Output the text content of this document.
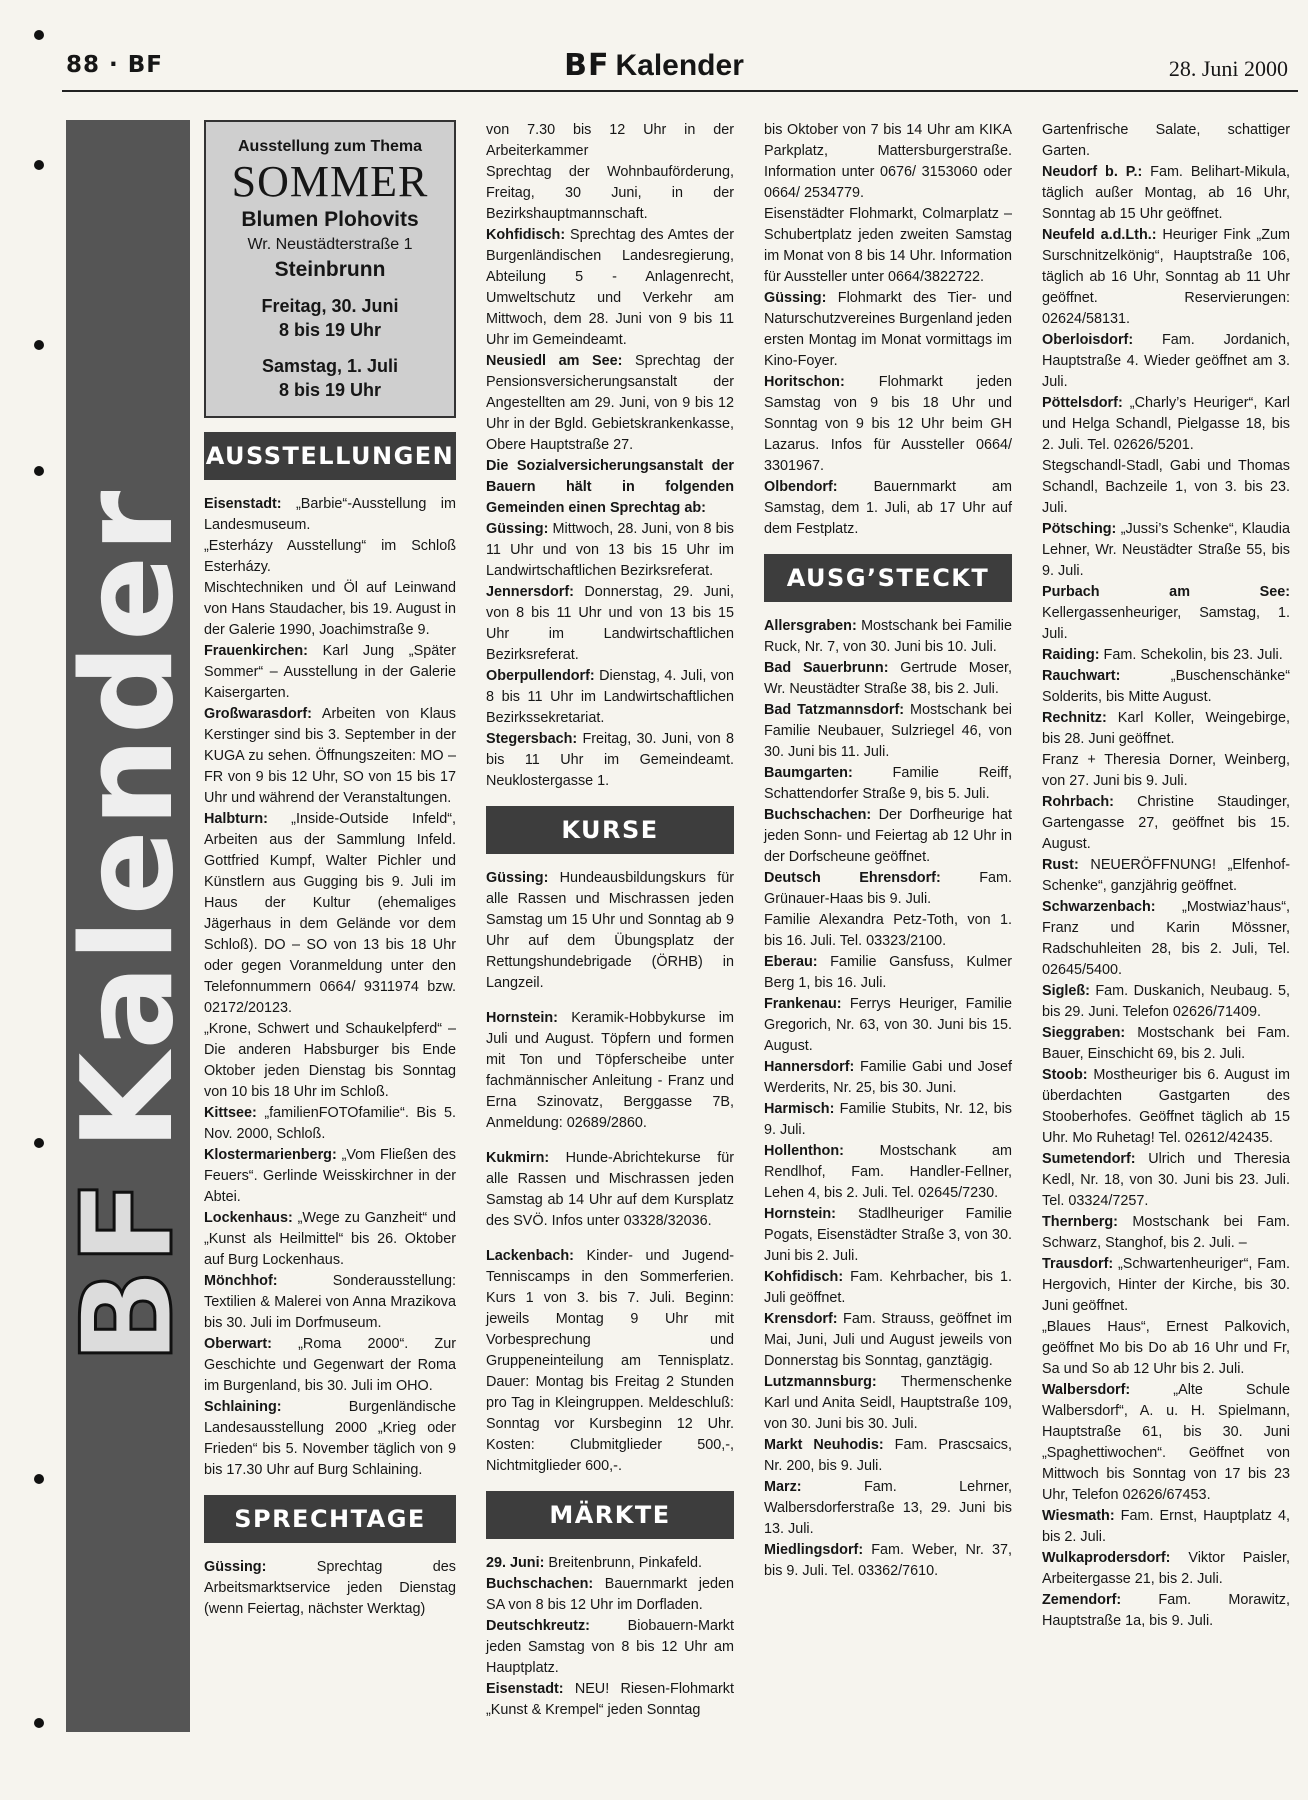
88 · BF	BF Kalender	28. Juni 2000
BFKalender
Ausstellung zum Thema
SOMMER
Blumen Plohovits
Wr. Neustädterstraße 1
Steinbrunn
Freitag, 30. Juni
8 bis 19 Uhr
Samstag, 1. Juli
8 bis 19 Uhr
AUSSTELLUNGEN

Eisenstadt: „Barbie“-Ausstellung im Landesmuseum.

„Esterházy Ausstellung“ im Schloß Esterházy.

Mischtechniken und Öl auf Leinwand von Hans Staudacher, bis 19. August in der Galerie 1990, Joachimstraße 9.

Frauenkirchen: Karl Jung „Später Sommer“ – Ausstellung in der Galerie Kaisergarten.

Großwarasdorf: Arbeiten von Klaus Kerstinger sind bis 3. September in der KUGA zu sehen. Öffnungszeiten: MO – FR von 9 bis 12 Uhr, SO von 15 bis 17 Uhr und während der Veranstaltungen.

Halbturn: „Inside-Outside Infeld“, Arbeiten aus der Sammlung Infeld. Gottfried Kumpf, Walter Pichler und Künstlern aus Gugging bis 9. Juli im Haus der Kultur (ehemaliges Jägerhaus in dem Gelände vor dem Schloß). DO – SO von 13 bis 18 Uhr oder gegen Voranmeldung unter den Telefonnummern 0664/ 9311974 bzw. 02172/20123.

„Krone, Schwert und Schaukelpferd“ – Die anderen Habsburger bis Ende Oktober jeden Dienstag bis Sonntag von 10 bis 18 Uhr im Schloß.

Kittsee: „familienFOTOfamilie“. Bis 5. Nov. 2000, Schloß.

Klostermarienberg: „Vom Fließen des Feuers“. Gerlinde Weisskirchner in der Abtei.

Lockenhaus: „Wege zu Ganzheit“ und „Kunst als Heilmittel“ bis 26. Oktober auf Burg Lockenhaus.

Mönchhof: Sonderausstellung: Textilien & Malerei von Anna Mrazikova bis 30. Juli im Dorfmuseum.

Oberwart: „Roma 2000“. Zur Geschichte und Gegenwart der Roma im Burgenland, bis 30. Juli im OHO.

Schlaining: Burgenländische Landesausstellung 2000 „Krieg oder Frieden“ bis 5. November täglich von 9 bis 17.30 Uhr auf Burg Schlaining.

SPRECHTAGE

Güssing: Sprechtag des Arbeitsmarktservice jeden Dienstag (wenn Feiertag, nächster Werktag)

von 7.30 bis 12 Uhr in der Arbeiterkammer

Sprechtag der Wohnbauförderung, Freitag, 30 Juni, in der Bezirkshauptmannschaft.

Kohfidisch: Sprechtag des Amtes der Burgenländischen Landesregierung, Abteilung 5 - Anlagenrecht, Umweltschutz und Verkehr am Mittwoch, dem 28. Juni von 9 bis 11 Uhr im Gemeindeamt.

Neusiedl am See: Sprechtag der Pensionsversicherungsanstalt der Angestellten am 29. Juni, von 9 bis 12 Uhr in der Bgld. Gebietskrankenkasse, Obere Hauptstraße 27.

Die Sozialversicherungsanstalt der Bauern hält in folgenden Gemeinden einen Sprechtag ab:

Güssing: Mittwoch, 28. Juni, von 8 bis 11 Uhr und von 13 bis 15 Uhr im Landwirtschaftlichen Bezirksreferat.

Jennersdorf: Donnerstag, 29. Juni, von 8 bis 11 Uhr und von 13 bis 15 Uhr im Landwirtschaftlichen Bezirksreferat.

Oberpullendorf: Dienstag, 4. Juli, von 8 bis 11 Uhr im Landwirtschaftlichen Bezirkssekretariat.

Stegersbach: Freitag, 30. Juni, von 8 bis 11 Uhr im Gemeindeamt. Neuklostergasse 1.

KURSE

Güssing: Hundeausbildungskurs für alle Rassen und Mischrassen jeden Samstag um 15 Uhr und Sonntag ab 9 Uhr auf dem Übungsplatz der Rettungshundebrigade (ÖRHB) in Langzeil.

Hornstein: Keramik-Hobbykurse im Juli und August. Töpfern und formen mit Ton und Töpferscheibe unter fachmännischer Anleitung - Franz und Erna Szinovatz, Berggasse 7B, Anmeldung: 02689/2860.

Kukmirn: Hunde-Abrichtekurse für alle Rassen und Mischrassen jeden Samstag ab 14 Uhr auf dem Kursplatz des SVÖ. Infos unter 03328/32036.

Lackenbach: Kinder- und Jugend-Tenniscamps in den Sommerferien. Kurs 1 von 3. bis 7. Juli. Beginn: jeweils Montag 9 Uhr mit Vorbesprechung und Gruppeneinteilung am Tennisplatz. Dauer: Montag bis Freitag 2 Stunden pro Tag in Kleingruppen. Meldeschluß: Sonntag vor Kursbeginn 12 Uhr. Kosten: Clubmitglieder 500,-, Nichtmitglieder 600,-.

MÄRKTE

29. Juni: Breitenbrunn, Pinkafeld.

Buchschachen: Bauernmarkt jeden SA von 8 bis 12 Uhr im Dorfladen.

Deutschkreutz: Biobauern-Markt jeden Samstag von 8 bis 12 Uhr am Hauptplatz.

Eisenstadt: NEU! Riesen-Flohmarkt „Kunst & Krempel“ jeden Sonntag

bis Oktober von 7 bis 14 Uhr am KIKA Parkplatz, Mattersburgerstraße. Information unter 0676/ 3153060 oder 0664/ 2534779.

Eisenstädter Flohmarkt, Colmarplatz – Schubertplatz jeden zweiten Samstag im Monat von 8 bis 14 Uhr. Information für Aussteller unter 0664/3822722.

Güssing: Flohmarkt des Tier- und Naturschutzvereines Burgenland jeden ersten Montag im Monat vormittags im Kino-Foyer.

Horitschon: Flohmarkt jeden Samstag von 9 bis 18 Uhr und Sonntag von 9 bis 12 Uhr beim GH Lazarus. Infos für Aussteller 0664/ 3301967.

Olbendorf: Bauernmarkt am Samstag, dem 1. Juli, ab 17 Uhr auf dem Festplatz.

AUSG’STECKT

Allersgraben: Mostschank bei Familie Ruck, Nr. 7, von 30. Juni bis 10. Juli.

Bad Sauerbrunn: Gertrude Moser, Wr. Neustädter Straße 38, bis 2. Juli.

Bad Tatzmannsdorf: Mostschank bei Familie Neubauer, Sulzriegel 46, von 30. Juni bis 11. Juli.

Baumgarten: Familie Reiff, Schattendorfer Straße 9, bis 5. Juli.

Buchschachen: Der Dorfheurige hat jeden Sonn- und Feiertag ab 12 Uhr in der Dorfscheune geöffnet.

Deutsch Ehrensdorf: Fam. Grünauer-Haas bis 9. Juli.

Familie Alexandra Petz-Toth, von 1. bis 16. Juli. Tel. 03323/2100.

Eberau: Familie Gansfuss, Kulmer Berg 1, bis 16. Juli.

Frankenau: Ferrys Heuriger, Familie Gregorich, Nr. 63, von 30. Juni bis 15. August.

Hannersdorf: Familie Gabi und Josef Werderits, Nr. 25, bis 30. Juni.

Harmisch: Familie Stubits, Nr. 12, bis 9. Juli.

Hollenthon: Mostschank am Rendlhof, Fam. Handler-Fellner, Lehen 4, bis 2. Juli. Tel. 02645/7230.

Hornstein: Stadlheuriger Familie Pogats, Eisenstädter Straße 3, von 30. Juni bis 2. Juli.

Kohfidisch: Fam. Kehrbacher, bis 1. Juli geöffnet.

Krensdorf: Fam. Strauss, geöffnet im Mai, Juni, Juli und August jeweils von Donnerstag bis Sonntag, ganztägig.

Lutzmannsburg: Thermenschenke Karl und Anita Seidl, Hauptstraße 109, von 30. Juni bis 30. Juli.

Markt Neuhodis: Fam. Prascsaics, Nr. 200, bis 9. Juli.

Marz: Fam. Lehrner, Walbersdorferstraße 13, 29. Juni bis 13. Juli.

Miedlingsdorf: Fam. Weber, Nr. 37, bis 9. Juli. Tel. 03362/7610.

Gartenfrische Salate, schattiger Garten.

Neudorf b. P.: Fam. Belihart-Mikula, täglich außer Montag, ab 16 Uhr, Sonntag ab 15 Uhr geöffnet.

Neufeld a.d.Lth.: Heuriger Fink „Zum Surschnitzelkönig“, Hauptstraße 106, täglich ab 16 Uhr, Sonntag ab 11 Uhr geöffnet. Reservierungen: 02624/58131.

Oberloisdorf: Fam. Jordanich, Hauptstraße 4. Wieder geöffnet am 3. Juli.

Pöttelsdorf: „Charly’s Heuriger“, Karl und Helga Schandl, Pielgasse 18, bis 2. Juli. Tel. 02626/5201.

Stegschandl-Stadl, Gabi und Thomas Schandl, Bachzeile 1, von 3. bis 23. Juli.

Pötsching: „Jussi’s Schenke“, Klaudia Lehner, Wr. Neustädter Straße 55, bis 9. Juli.

Purbach am See: Kellergassenheuriger, Samstag, 1. Juli.

Raiding: Fam. Schekolin, bis 23. Juli.

Rauchwart: „Buschenschänke“ Solderits, bis Mitte August.

Rechnitz: Karl Koller, Weingebirge, bis 28. Juni geöffnet.

Franz + Theresia Dorner, Weinberg, von 27. Juni bis 9. Juli.

Rohrbach: Christine Staudinger, Gartengasse 27, geöffnet bis 15. August.

Rust: NEUERÖFFNUNG! „Elfenhof-Schenke“, ganzjährig geöffnet.

Schwarzenbach: „Mostwiaz’haus“, Franz und Karin Mössner, Radschuhleiten 28, bis 2. Juli, Tel. 02645/5400.

Sigleß: Fam. Duskanich, Neubaug. 5, bis 29. Juni. Telefon 02626/71409.

Sieggraben: Mostschank bei Fam. Bauer, Einschicht 69, bis 2. Juli.

Stoob: Mostheuriger bis 6. August im überdachten Gastgarten des Stooberhofes. Geöffnet täglich ab 15 Uhr. Mo Ruhetag! Tel. 02612/42435.

Sumetendorf: Ulrich und Theresia Kedl, Nr. 18, von 30. Juni bis 23. Juli. Tel. 03324/7257.

Thernberg: Mostschank bei Fam. Schwarz, Stanghof, bis 2. Juli. –

Trausdorf: „Schwartenheuriger“, Fam. Hergovich, Hinter der Kirche, bis 30. Juni geöffnet.

„Blaues Haus“, Ernest Palkovich, geöffnet Mo bis Do ab 16 Uhr und Fr, Sa und So ab 12 Uhr bis 2. Juli.

Walbersdorf: „Alte Schule Walbersdorf“, A. u. H. Spielmann, Hauptstraße 61, bis 30. Juni „Spaghettiwochen“. Geöffnet von Mittwoch bis Sonntag von 17 bis 23 Uhr, Telefon 02626/67453.

Wiesmath: Fam. Ernst, Hauptplatz 4, bis 2. Juli.

Wulkaprodersdorf: Viktor Paisler, Arbeitergasse 21, bis 2. Juli.

Zemendorf: Fam. Morawitz, Hauptstraße 1a, bis 9. Juli.
